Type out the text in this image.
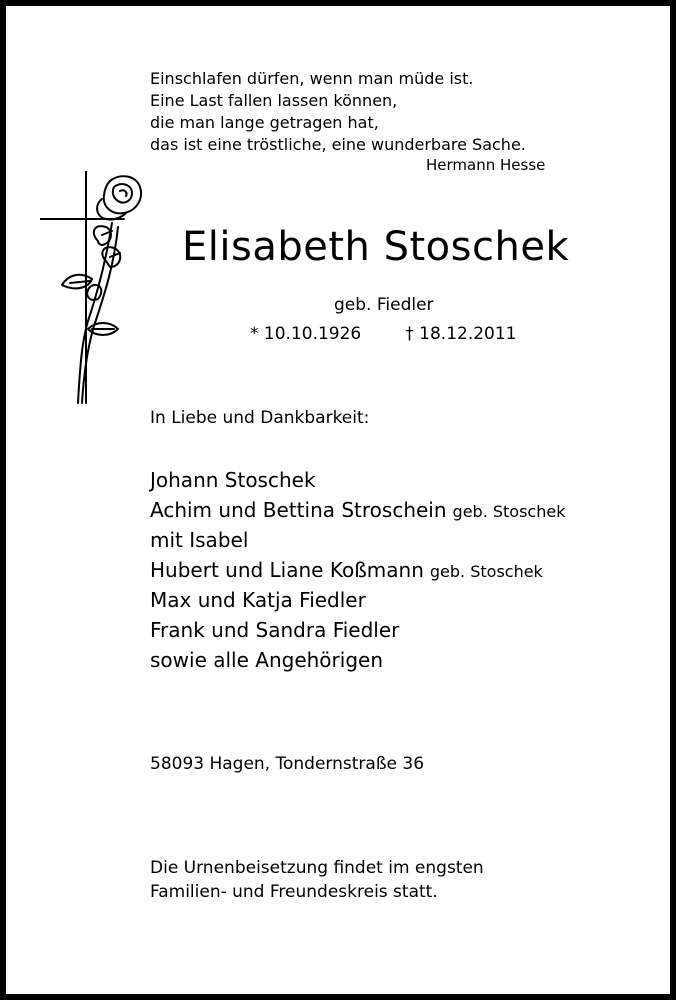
Einschlafen dürfen, wenn man müde ist.
Eine Last fallen lassen können,
die man lange getragen hat,
das ist eine tröstliche, eine wunderbare Sache.
Hermann Hesse
Elisabeth Stoschek
geb. Fiedler
* 10.10.1926	† 18.12.2011
In Liebe und Dankbarkeit:
Johann Stoschek
Achim und Bettina Stroschein geb. Stoschek
mit Isabel
Hubert und Liane Koßmann geb. Stoschek
Max und Katja Fiedler
Frank und Sandra Fiedler
sowie alle Angehörigen
58093 Hagen, Tondernstraße 36
Die Urnenbeisetzung findet im engsten
Familien- und Freundeskreis statt.
